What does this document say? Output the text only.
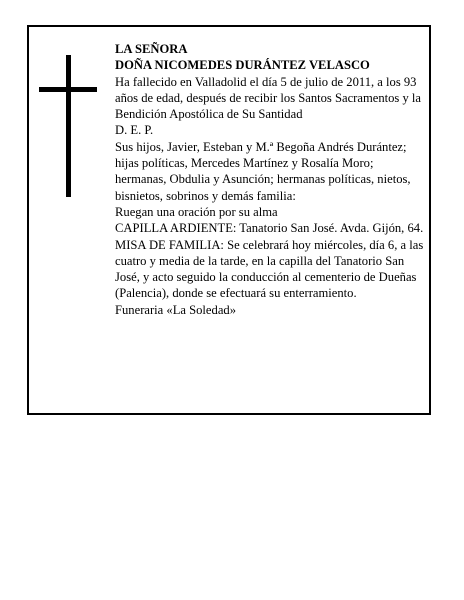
LA SEÑORA

DOÑA NICOMEDES DURÁNTEZ VELASCO

Ha fallecido en Valladolid el día 5 de julio de 2011, a los 93 años de edad, después de recibir los Santos Sacramentos y la Bendición Apostólica de Su Santidad

D. E. P.

Sus hijos, Javier, Esteban y M.ª Begoña Andrés Durántez; hijas políticas, Mercedes Martínez y Rosalía Moro; hermanas, Obdulia y Asunción; hermanas políticas, nietos, bisnietos, sobrinos y demás familia:

Ruegan una oración por su alma

CAPILLA ARDIENTE: Tanatorio San José. Avda. Gijón, 64.

MISA DE FAMILIA: Se celebrará hoy miércoles, día 6, a las cuatro y media de la tarde, en la capilla del Tanatorio San José, y acto seguido la conducción al cementerio de Dueñas (Palencia), donde se efectuará su enterramiento.

Funeraria «La Soledad»
